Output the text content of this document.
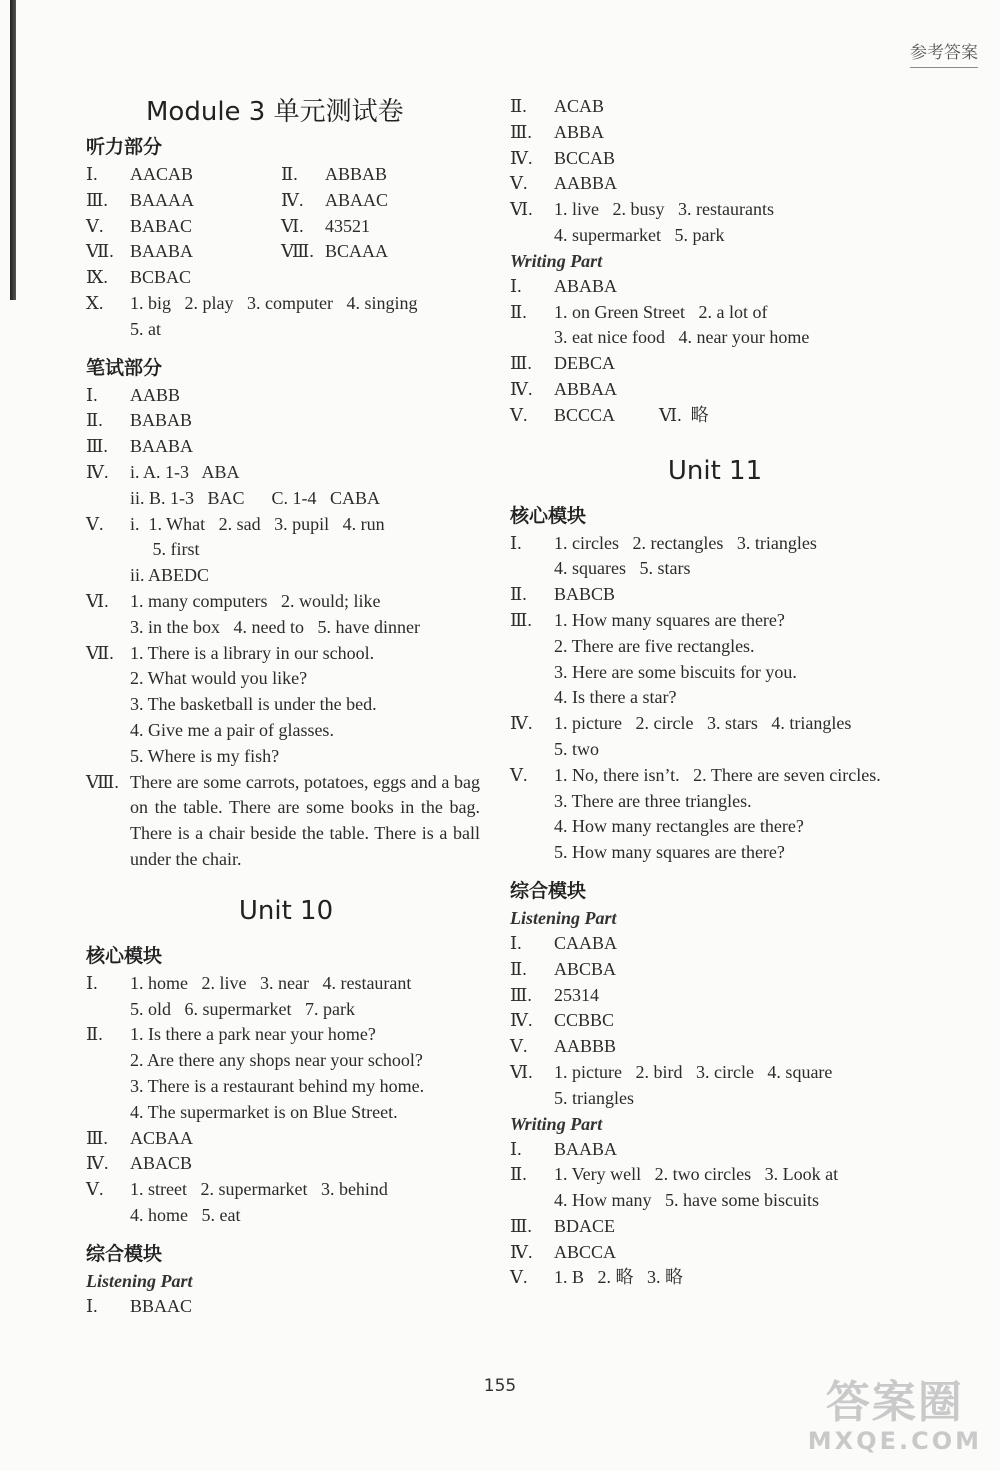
参考答案
Module 3 单元测试卷
听力部分
Ⅰ. AACAB	Ⅱ. ABBAB
Ⅲ. BAAAA	Ⅳ. ABAAC
Ⅴ. BABAC	Ⅵ. 43521
Ⅶ. BAABA	Ⅷ. BCAAA
Ⅸ. BCBAC
Ⅹ. 1. big   2. play   3. computer   4. singing
5. at
笔试部分
Ⅰ. AABB
Ⅱ. BABAB
Ⅲ. BAABA
Ⅳ. i. A. 1-3   ABA
ii. B. 1-3   BAC      C. 1-4   CABA
Ⅴ. i.  1. What   2. sad   3. pupil   4. run
5. first
ii. ABEDC
Ⅵ. 1. many computers   2. would; like
3. in the box   4. need to   5. have dinner
Ⅶ. 1. There is a library in our school.
2. What would you like?
3. The basketball is under the bed.
4. Give me a pair of glasses.
5. Where is my fish?
Ⅷ. There are some carrots, potatoes, eggs and a bag on the table. There are some books in the bag. There is a chair beside the table. There is a ball under the chair.
Unit 10
核心模块
Ⅰ. 1. home   2. live   3. near   4. restaurant
5. old   6. supermarket   7. park
Ⅱ. 1. Is there a park near your home?
2. Are there any shops near your school?
3. There is a restaurant behind my home.
4. The supermarket is on Blue Street.
Ⅲ. ACBAA
Ⅳ. ABACB
Ⅴ. 1. street   2. supermarket   3. behind
4. home   5. eat
综合模块
Listening Part
Ⅰ. BBAAC
Ⅱ. ACAB
Ⅲ. ABBA
Ⅳ. BCCAB
Ⅴ. AABBA
Ⅵ. 1. live   2. busy   3. restaurants
4. supermarket   5. park
Writing Part
Ⅰ. ABABA
Ⅱ. 1. on Green Street   2. a lot of
3. eat nice food   4. near your home
Ⅲ. DEBCA
Ⅳ. ABBAA
Ⅴ. BCCCA          Ⅵ.  略
Unit 11
核心模块
Ⅰ. 1. circles   2. rectangles   3. triangles
4. squares   5. stars
Ⅱ. BABCB
Ⅲ. 1. How many squares are there?
2. There are five rectangles.
3. Here are some biscuits for you.
4. Is there a star?
Ⅳ. 1. picture   2. circle   3. stars   4. triangles
5. two
Ⅴ. 1. No, there isn’t.   2. There are seven circles.
3. There are three triangles.
4. How many rectangles are there?
5. How many squares are there?
综合模块
Listening Part
Ⅰ. CAABA
Ⅱ. ABCBA
Ⅲ. 25314
Ⅳ. CCBBC
Ⅴ. AABBB
Ⅵ. 1. picture   2. bird   3. circle   4. square
5. triangles
Writing Part
Ⅰ. BAABA
Ⅱ. 1. Very well   2. two circles   3. Look at
4. How many   5. have some biscuits
Ⅲ. BDACE
Ⅳ. ABCCA
Ⅴ. 1. B   2. 略   3. 略
155	答案圈
MXQE.COM
